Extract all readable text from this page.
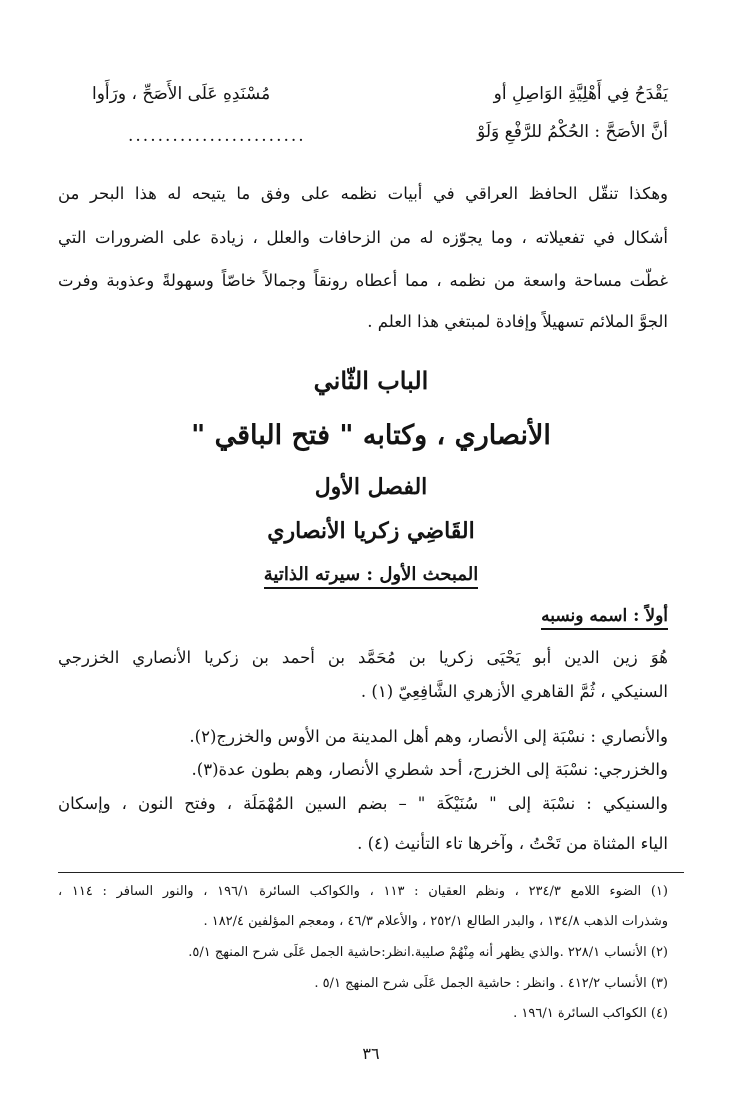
يَقْدَحُ فِي أَهْلِيَّةِ الوَاصِلِ أو
مُسْنَدِهِ عَلَى الأَصَحِّ ، ورَأَوا
أنَّ الأصَحَّ : الحُكْمُ للرَّفْعِ وَلَوْ
........................
وهكذا تنقّل الحافظ العراقي في أبيات نظمه على وفق ما يتيحه له هذا البحر من
أشكال في تفعيلاته ، وما يجوّزه له من الزحافات والعلل ، زيادة على الضرورات التي
غطّت مساحة واسعة من نظمه ، مما أعطاه رونقاً وجمالاً خاصّاً وسهولةً وعذوبة وفرت
الجوَّ الملائم تسهيلاً وإفادة لمبتغي هذا العلم .
الباب الثّاني
الأنصاري ، وكتابه " فتح الباقي "
الفصل الأول
القَاضِي زكريا الأنصاري
المبحث الأول : سيرته الذاتية
أولاً : اسمه ونسبه
هُوَ زين الدين أبو يَحْيَى زكريا بن مُحَمَّد بن أحمد بن زكريا الأنصاري الخزرجي
السنيكي ، ثُمَّ القاهري الأزهري الشَّافِعِيّ (١) .
والأنصاري : نسْبَة إلى الأنصار، وهم أهل المدينة من الأوس والخزرج(٢).
والخزرجي: نسْبَة إلى الخزرج، أحد شطري الأنصار، وهم بطون عدة(٣).
والسنيكي : نسْبَة إلى " سُنَيْكَة " – بضم السين المُهْمَلَة ، وفتح النون ، وإسكان
الياء المثناة من تَحْتُ ، وآخرها تاء التأنيث (٤) .
(١) الضوء اللامع ٢٣٤/٣ ، ونظم العقيان : ١١٣ ، والكواكب السائرة ١٩٦/١ ، والنور السافر : ١١٤ ،
وشذرات الذهب ١٣٤/٨ ، والبدر الطالع ٢٥٢/١ ، والأعلام ٤٦/٣ ، ومعجم المؤلفين ١٨٢/٤ .
(٢) الأنساب ٢٢٨/١ .والذي يظهر أنه مِنْهُمْ صليبة.انظر:حاشية الجمل عَلَى شرح المنهج ٥/١.
(٣) الأنساب ٤١٢/٢ . وانظر : حاشية الجمل عَلَى شرح المنهج ٥/١ .
(٤) الكواكب السائرة ١٩٦/١ .
٣٦
